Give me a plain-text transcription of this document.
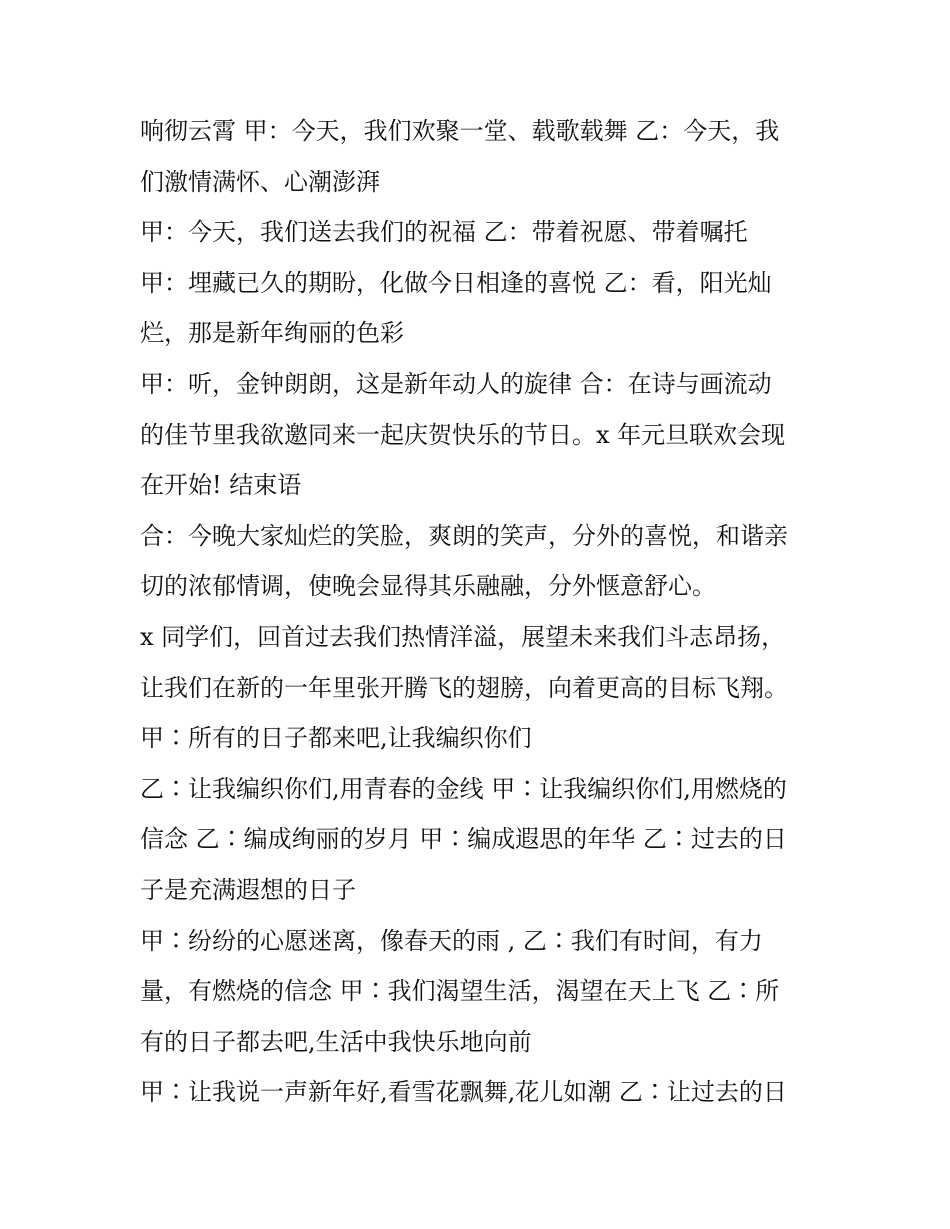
响彻云霄 甲：今天，我们欢聚一堂、载歌载舞 乙：今天，我

们激情满怀、心潮澎湃

甲：今天，我们送去我们的祝福 乙：带着祝愿、带着嘱托

甲：埋藏已久的期盼，化做今日相逢的喜悦 乙：看，阳光灿

烂，那是新年绚丽的色彩

甲：听，金钟朗朗，这是新年动人的旋律 合：在诗与画流动

的佳节里我欲邀同来一起庆贺快乐的节日。x 年元旦联欢会现

在开始! 结束语

合：今晚大家灿烂的笑脸，爽朗的笑声，分外的喜悦，和谐亲

切的浓郁情调，使晚会显得其乐融融，分外惬意舒心。

x 同学们，回首过去我们热情洋溢，展望未来我们斗志昂扬，

让我们在新的一年里张开腾飞的翅膀，向着更高的目标飞翔。

甲∶所有的日子都来吧,让我编织你们

乙∶让我编织你们,用青春的金线 甲∶让我编织你们,用燃烧的

信念 乙∶编成绚丽的岁月 甲∶编成遐思的年华 乙∶过去的日

子是充满遐想的日子

甲∶纷纷的心愿迷离，像春天的雨 , 乙∶我们有时间，有力

量，有燃烧的信念 甲∶我们渴望生活，渴望在天上飞 乙∶所

有的日子都去吧,生活中我快乐地向前

甲∶让我说一声新年好,看雪花飘舞,花儿如潮 乙∶让过去的日
